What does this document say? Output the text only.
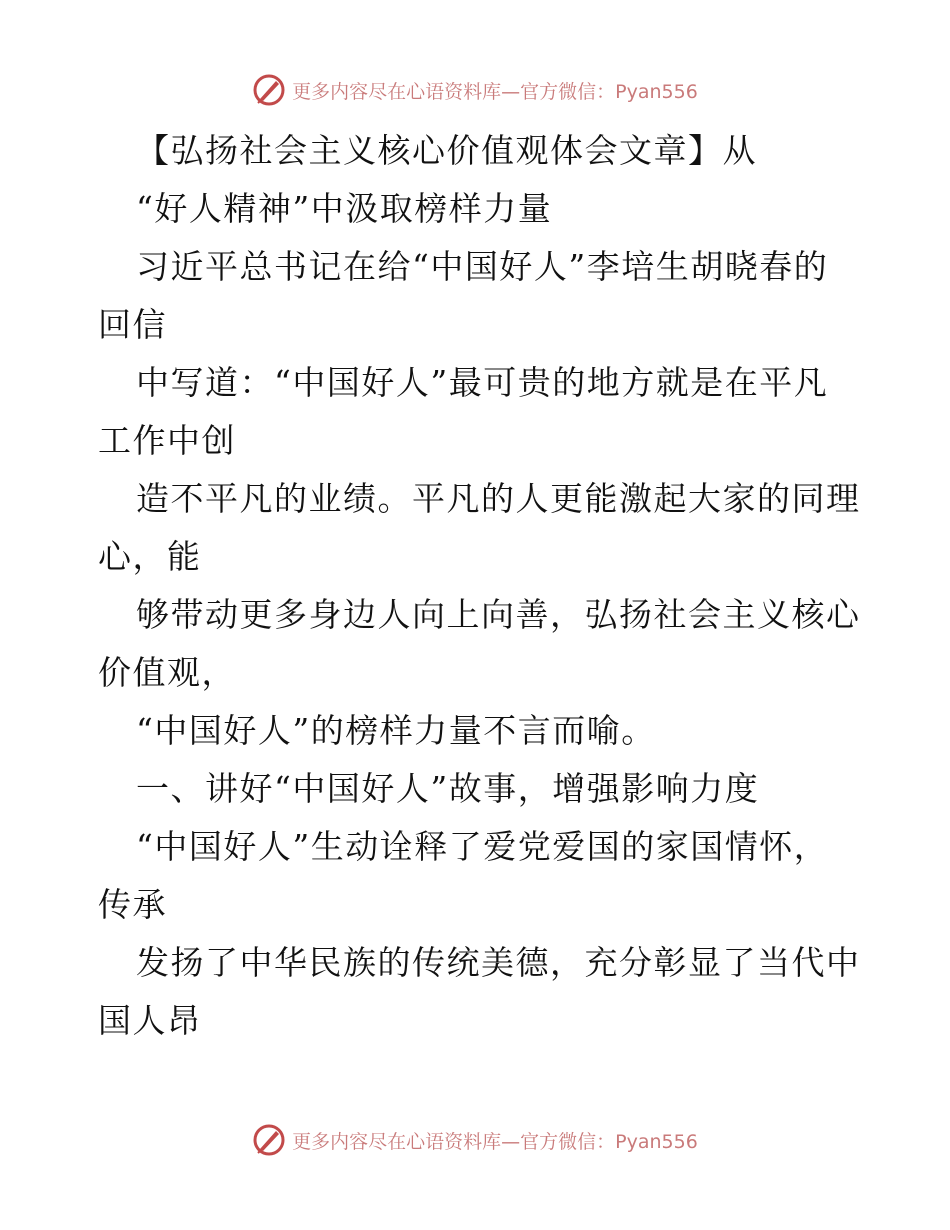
更多内容尽在心语资料库—官方微信：Pyan556
【弘扬社会主义核心价值观体会文章】从
“好人精神”中汲取榜样力量
习近平总书记在给“中国好人”李培生胡晓春的
回信
中写道：“中国好人”最可贵的地方就是在平凡
工作中创
造不平凡的业绩。平凡的人更能激起大家的同理
心，能
够带动更多身边人向上向善，弘扬社会主义核心
价值观，
“中国好人”的榜样力量不言而喻。
一、讲好“中国好人”故事，增强影响力度
“中国好人”生动诠释了爱党爱国的家国情怀，
传承
发扬了中华民族的传统美德，充分彰显了当代中
国人昂
更多内容尽在心语资料库—官方微信：Pyan556
